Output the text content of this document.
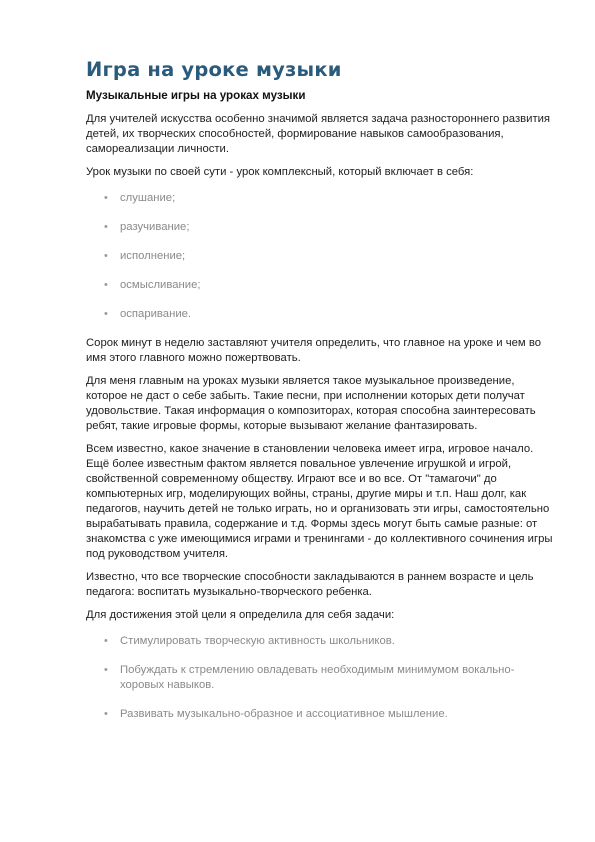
Игра на уроке музыки
Музыкальные игры на уроках музыки

Для учителей искусства особенно значимой является задача разностороннего развития детей, их творческих способностей, формирование навыков самообразования, самореализации личности.

Урок музыки по своей сути - урок комплексный, который включает в себя:

• слушание;
• разучивание;
• исполнение;
• осмысливание;
• оспаривание.

Сорок минут в неделю заставляют учителя определить, что главное на уроке и чем во имя этого главного можно пожертвовать.

Для меня главным на уроках музыки является такое музыкальное произведение, которое не даст о себе забыть. Такие песни, при исполнении которых дети получат удовольствие. Такая информация о композиторах, которая способна заинтересовать ребят, такие игровые формы, которые вызывают желание фантазировать.

Всем известно, какое значение в становлении человека имеет игра, игровое начало. Ещё более известным фактом является повальное увлечение игрушкой и игрой, свойственной современному обществу. Играют все и во все. От "тамагочи" до компьютерных игр, моделирующих войны, страны, другие миры и т.п. Наш долг, как педагогов, научить детей не только играть, но и организовать эти игры, самостоятельно вырабатывать правила, содержание и т.д. Формы здесь могут быть самые разные: от знакомства с уже имеющимися играми и тренингами - до коллективного сочинения игры под руководством учителя.

Известно, что все творческие способности закладываются в раннем возрасте и цель педагога: воспитать музыкально-творческого ребенка.

Для достижения этой цели я определила для себя задачи:

• Стимулировать творческую активность школьников.
• Побуждать к стремлению овладевать необходимым минимумом вокально-хоровых навыков.
• Развивать музыкально-образное и ассоциативное мышление.
